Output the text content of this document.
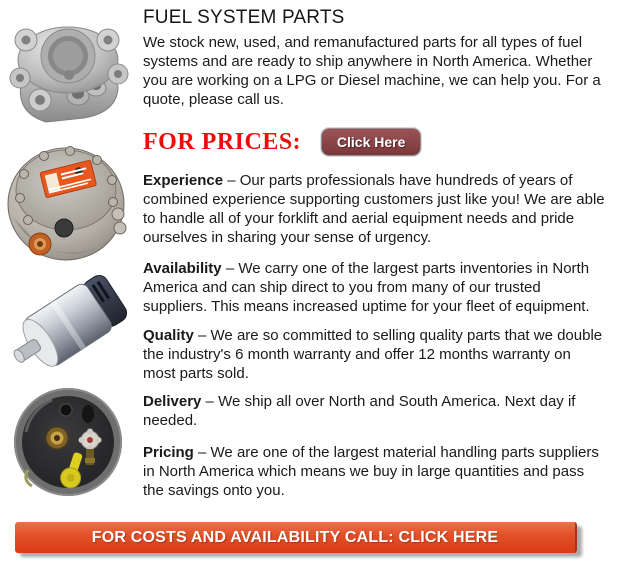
FUEL SYSTEM PARTS
We stock new, used, and remanufactured parts for all types of fuel systems and are ready to ship anywhere in North America. Whether you are working on a LPG or Diesel machine, we can help you. For a quote, please call us.
FOR PRICES:	Click Here

Experience – Our parts professionals have hundreds of years of combined experience supporting customers just like you! We are able to handle all of your forklift and aerial equipment needs and pride ourselves in sharing your sense of urgency.

Availability – We carry one of the largest parts inventories in North America and can ship direct to you from many of our trusted suppliers. This means increased uptime for your fleet of equipment.

Quality – We are so committed to selling quality parts that we double the industry's 6 month warranty and offer 12 months warranty on most parts sold.

Delivery – We ship all over North and South America. Next day if needed.

Pricing – We are one of the largest material handling parts suppliers in North America which means we buy in large quantities and pass the savings onto you.

FOR COSTS AND AVAILABILITY CALL: CLICK HERE
